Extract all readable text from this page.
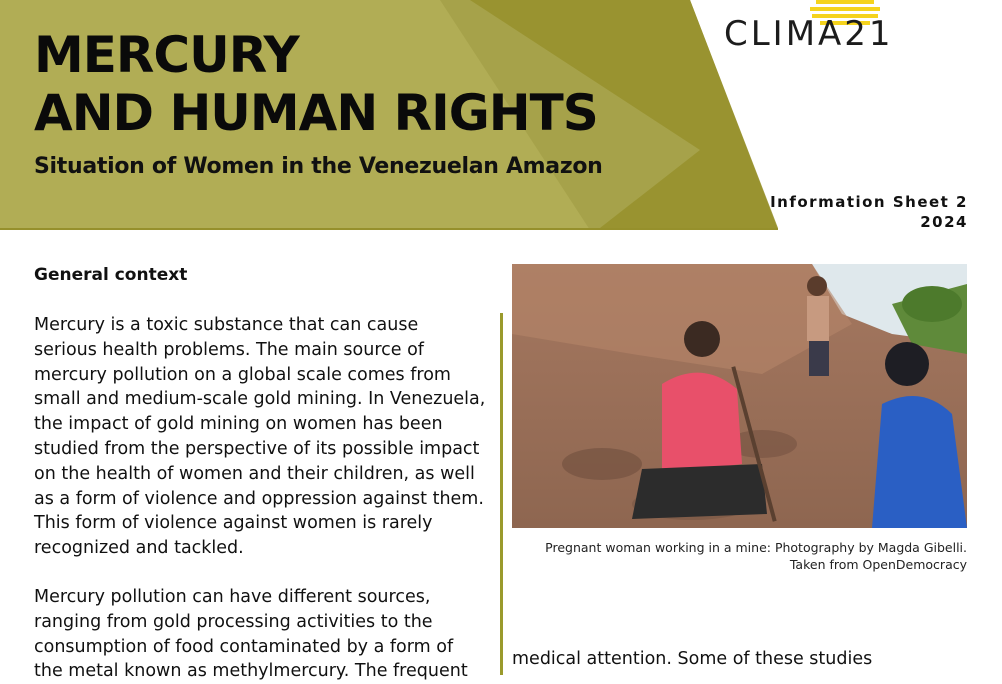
MERCURY
AND HUMAN RIGHTS
Situation of Women in the Venezuelan Amazon
CLIMA21
Information Sheet 2
2024
General context

Mercury is a toxic substance that can cause serious health problems. The main source of mercury pollution on a global scale comes from small and medium-scale gold mining. In Venezuela, the impact of gold mining on women has been studied from the perspective of its possible impact on the health of women and their children, as well as a form of violence and oppression against them. This form of violence against women is rarely recognized and tackled.

Mercury pollution can have different sources, ranging from gold processing activities to the consumption of food contaminated by a form of the metal known as methylmercury. The frequent

Pregnant woman working in a mine: Photography by Magda Gibelli.
Taken from OpenDemocracy

medical attention. Some of these studies
